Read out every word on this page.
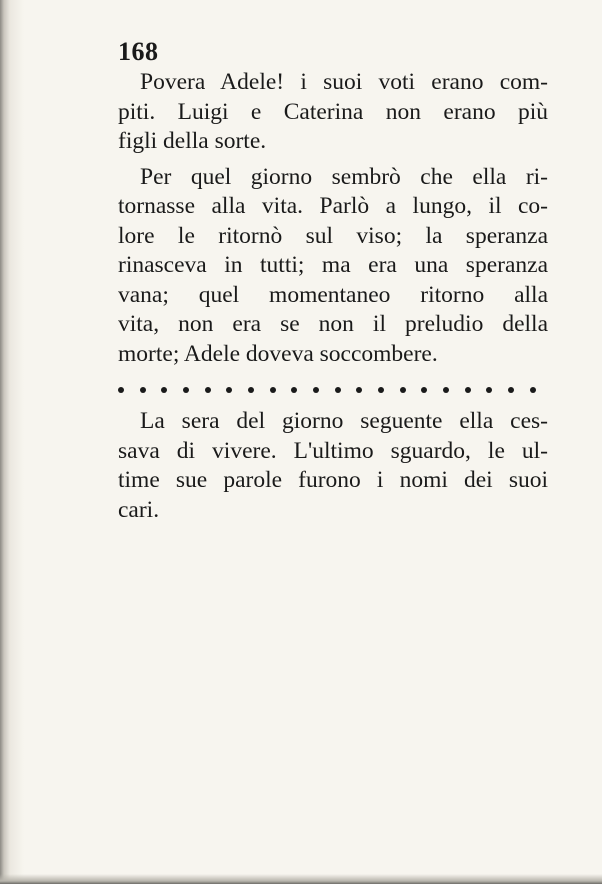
168
Povera Adele! i suoi voti erano com-
piti. Luigi e Caterina non erano più
figli della sorte.
Per quel giorno sembrò che ella ri-
tornasse alla vita. Parlò a lungo, il co-
lore le ritornò sul viso; la speranza
rinasceva in tutti; ma era una speranza
vana; quel momentaneo ritorno alla
vita, non era se non il preludio della
morte; Adele doveva soccombere.
La sera del giorno seguente ella ces-
sava di vivere. L'ultimo sguardo, le ul-
time sue parole furono i nomi dei suoi
cari.
